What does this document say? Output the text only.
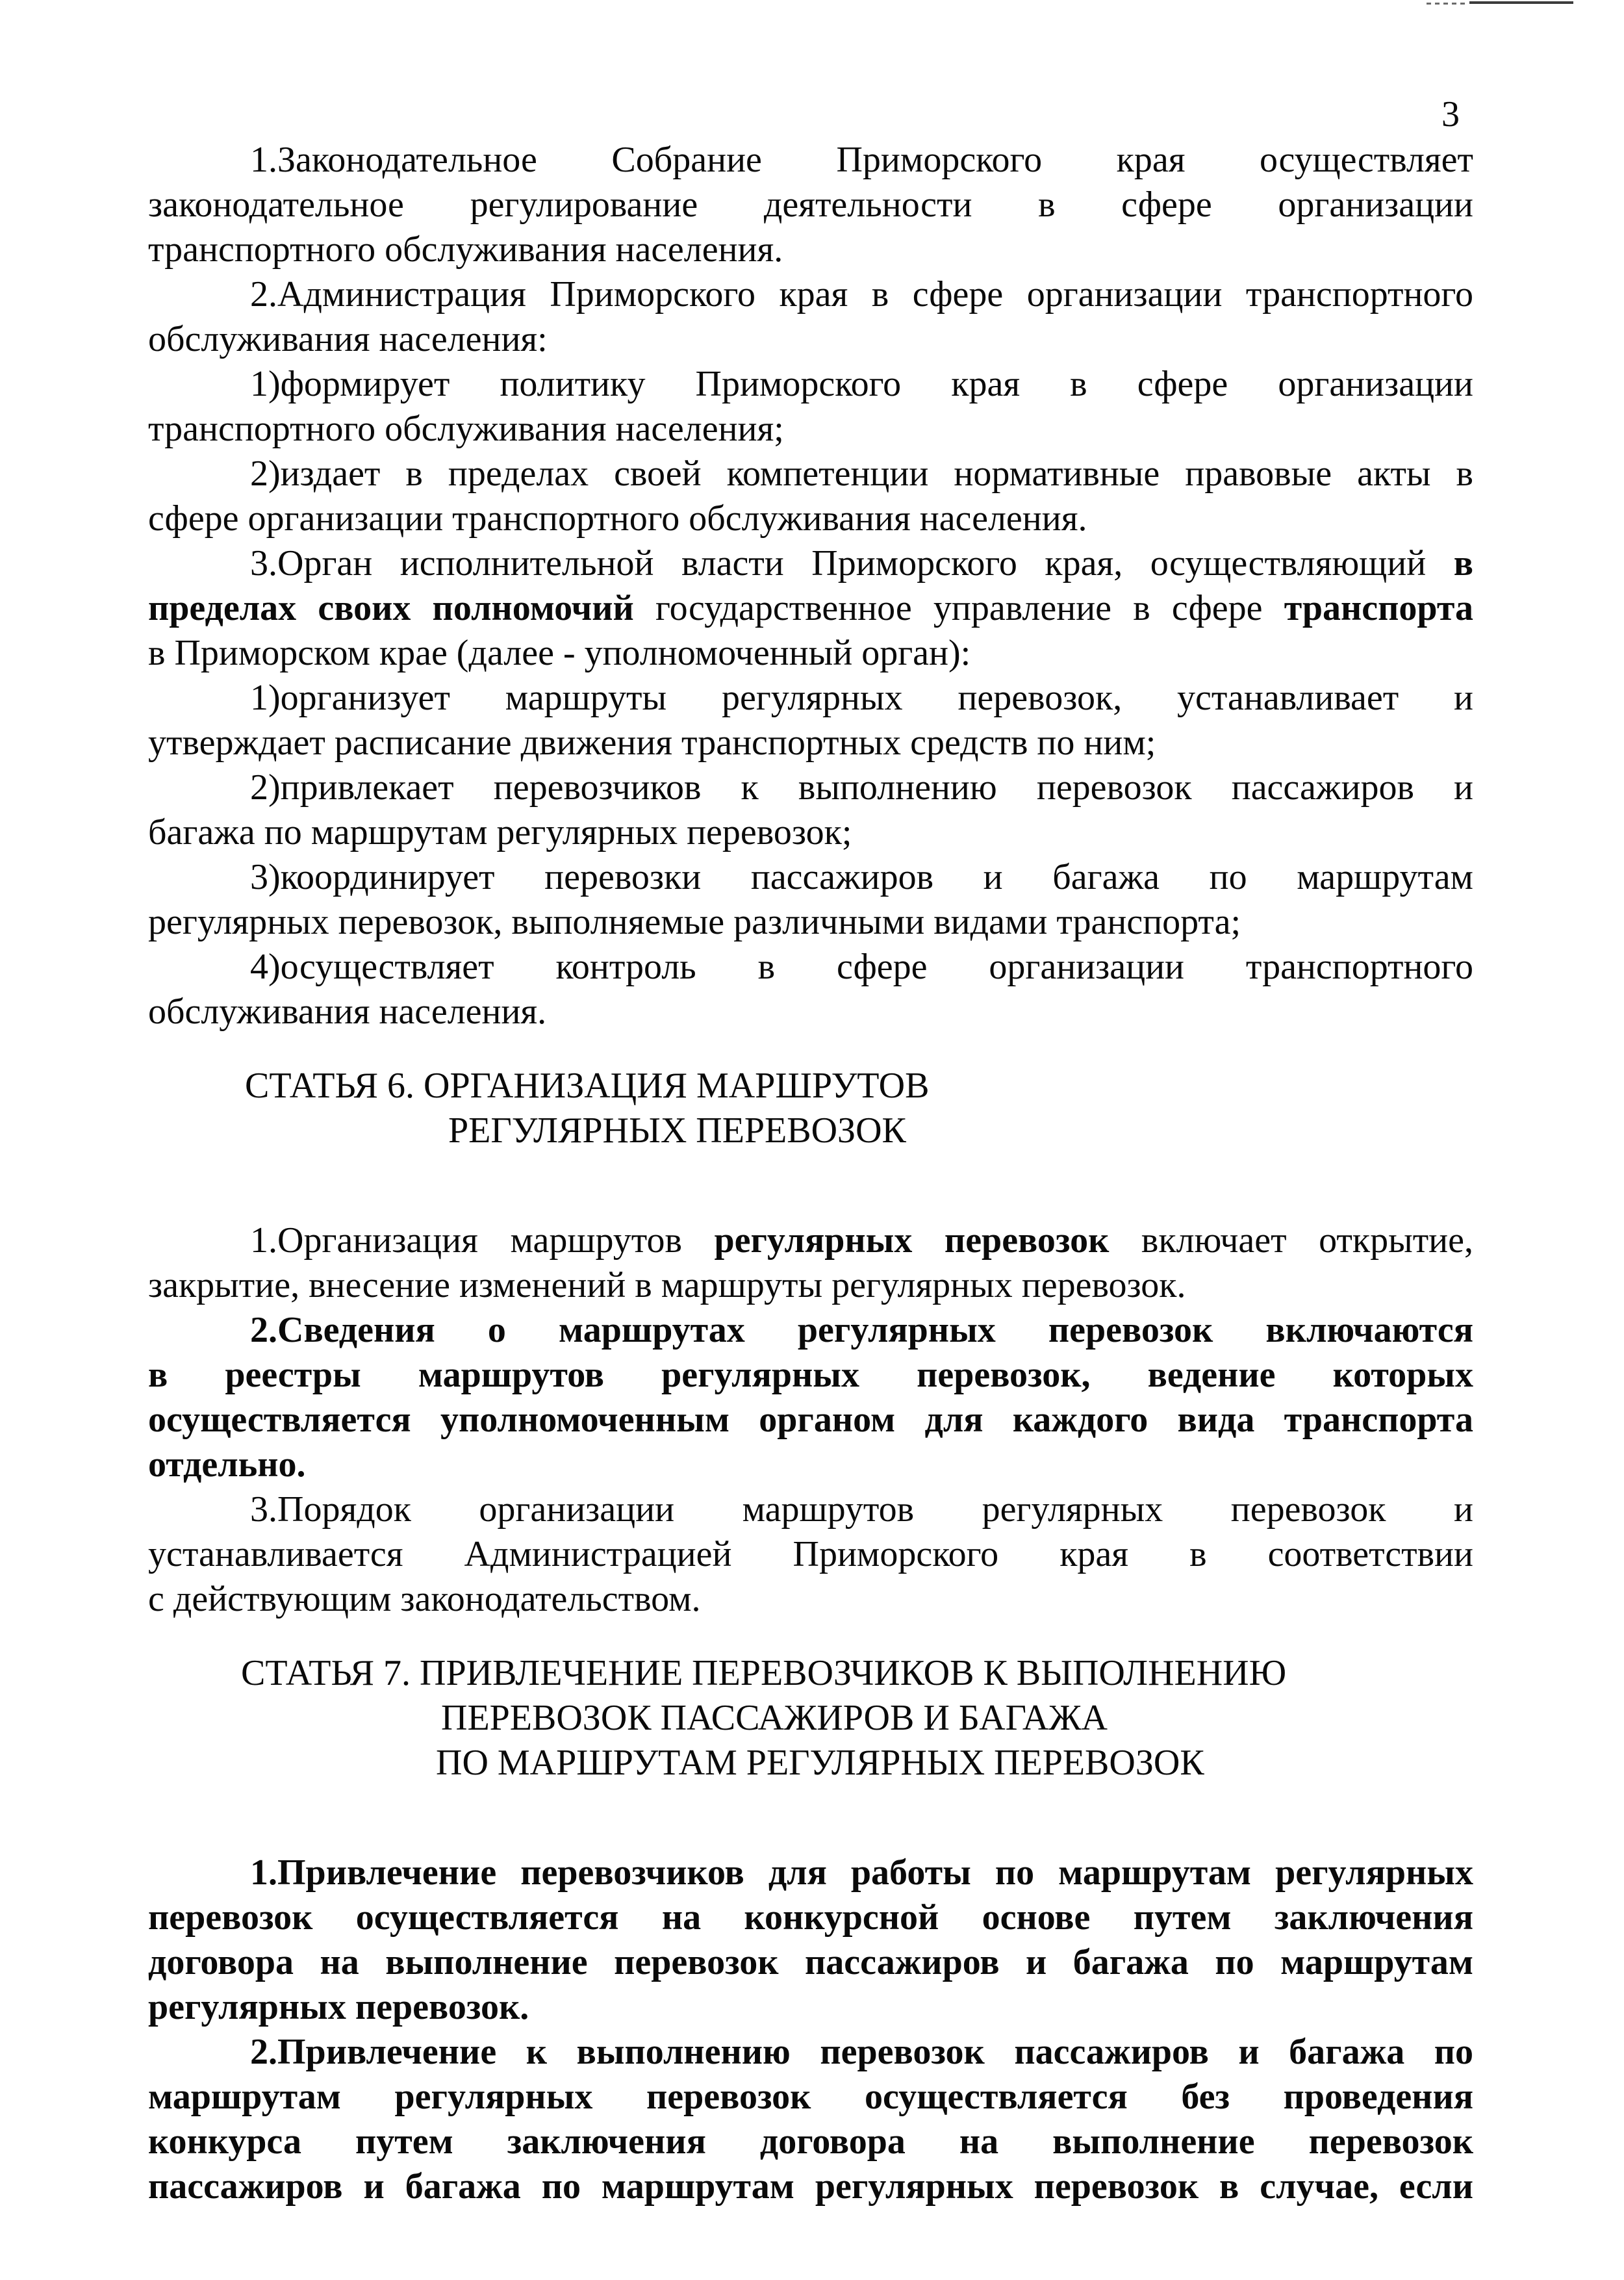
3
1.Законодательное Собрание Приморского края осуществляет
законодательное регулирование деятельности в сфере организации
транспортного обслуживания населения.
2.Администрация Приморского края в сфере организации транспортного
обслуживания населения:
1)формирует политику Приморского края в сфере организации
транспортного обслуживания населения;
2)издает в пределах своей компетенции нормативные правовые акты в
сфере организации транспортного обслуживания населения.
3.Орган исполнительной власти Приморского края, осуществляющий в
пределах своих полномочий государственное управление в сфере транспорта
в Приморском крае (далее - уполномоченный орган):
1)организует маршруты регулярных перевозок, устанавливает и
утверждает расписание движения транспортных средств по ним;
2)привлекает перевозчиков к выполнению перевозок пассажиров и
багажа по маршрутам регулярных перевозок;
3)координирует перевозки пассажиров и багажа по маршрутам
регулярных перевозок, выполняемые различными видами транспорта;
4)осуществляет контроль в сфере организации транспортного
обслуживания населения.
СТАТЬЯ 6. ОРГАНИЗАЦИЯ МАРШРУТОВ
РЕГУЛЯРНЫХ ПЕРЕВОЗОК
1.Организация маршрутов регулярных перевозок включает открытие,
закрытие, внесение изменений в маршруты регулярных перевозок.
2.Сведения о маршрутах регулярных перевозок включаются
в реестры маршрутов регулярных перевозок, ведение которых
осуществляется уполномоченным органом для каждого вида транспорта
отдельно.
3.Порядок организации маршрутов регулярных перевозок и
устанавливается Администрацией Приморского края в соответствии
с действующим законодательством.
СТАТЬЯ 7. ПРИВЛЕЧЕНИЕ ПЕРЕВОЗЧИКОВ К ВЫПОЛНЕНИЮ
ПЕРЕВОЗОК ПАССАЖИРОВ И БАГАЖА
ПО МАРШРУТАМ РЕГУЛЯРНЫХ ПЕРЕВОЗОК
1.Привлечение перевозчиков для работы по маршрутам регулярных
перевозок осуществляется на конкурсной основе путем заключения
договора на выполнение перевозок пассажиров и багажа по маршрутам
регулярных перевозок.
2.Привлечение к выполнению перевозок пассажиров и багажа по
маршрутам регулярных перевозок осуществляется без проведения
конкурса путем заключения договора на выполнение перевозок
пассажиров и багажа по маршрутам регулярных перевозок в случае, если
